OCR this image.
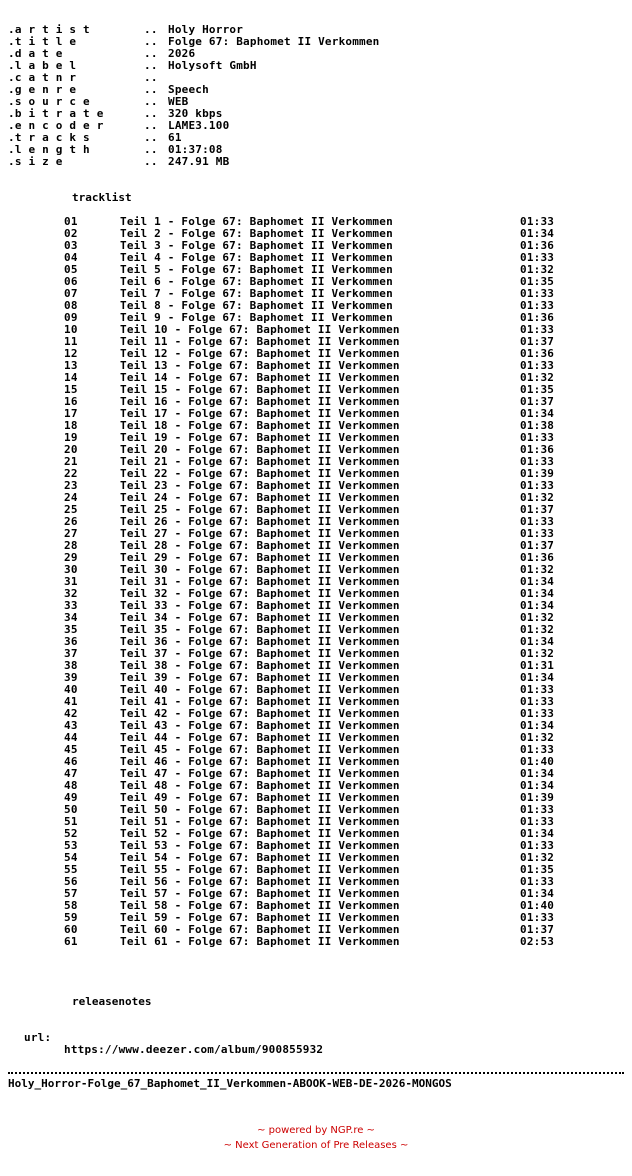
.a r t i s t	.. Holy Horror
.t i t l e	.. Folge 67: Baphomet II Verkommen
.d a t e	.. 2026
.l a b e l	.. Holysoft GmbH
.c a t n r	..
.g e n r e	.. Speech
.s o u r c e	.. WEB
.b i t r a t e	.. 320 kbps
.e n c o d e r	.. LAME3.100
.t r a c k s	.. 61
.l e n g t h	.. 01:37:08
.s i z e	.. 247.91 MB
tracklist
01	Teil 1 - Folge 67: Baphomet II Verkommen	01:33
02	Teil 2 - Folge 67: Baphomet II Verkommen	01:34
03	Teil 3 - Folge 67: Baphomet II Verkommen	01:36
04	Teil 4 - Folge 67: Baphomet II Verkommen	01:33
05	Teil 5 - Folge 67: Baphomet II Verkommen	01:32
06	Teil 6 - Folge 67: Baphomet II Verkommen	01:35
07	Teil 7 - Folge 67: Baphomet II Verkommen	01:33
08	Teil 8 - Folge 67: Baphomet II Verkommen	01:33
09	Teil 9 - Folge 67: Baphomet II Verkommen	01:36
10	Teil 10 - Folge 67: Baphomet II Verkommen	01:33
11	Teil 11 - Folge 67: Baphomet II Verkommen	01:37
12	Teil 12 - Folge 67: Baphomet II Verkommen	01:36
13	Teil 13 - Folge 67: Baphomet II Verkommen	01:33
14	Teil 14 - Folge 67: Baphomet II Verkommen	01:32
15	Teil 15 - Folge 67: Baphomet II Verkommen	01:35
16	Teil 16 - Folge 67: Baphomet II Verkommen	01:37
17	Teil 17 - Folge 67: Baphomet II Verkommen	01:34
18	Teil 18 - Folge 67: Baphomet II Verkommen	01:38
19	Teil 19 - Folge 67: Baphomet II Verkommen	01:33
20	Teil 20 - Folge 67: Baphomet II Verkommen	01:36
21	Teil 21 - Folge 67: Baphomet II Verkommen	01:33
22	Teil 22 - Folge 67: Baphomet II Verkommen	01:39
23	Teil 23 - Folge 67: Baphomet II Verkommen	01:33
24	Teil 24 - Folge 67: Baphomet II Verkommen	01:32
25	Teil 25 - Folge 67: Baphomet II Verkommen	01:37
26	Teil 26 - Folge 67: Baphomet II Verkommen	01:33
27	Teil 27 - Folge 67: Baphomet II Verkommen	01:33
28	Teil 28 - Folge 67: Baphomet II Verkommen	01:37
29	Teil 29 - Folge 67: Baphomet II Verkommen	01:36
30	Teil 30 - Folge 67: Baphomet II Verkommen	01:32
31	Teil 31 - Folge 67: Baphomet II Verkommen	01:34
32	Teil 32 - Folge 67: Baphomet II Verkommen	01:34
33	Teil 33 - Folge 67: Baphomet II Verkommen	01:34
34	Teil 34 - Folge 67: Baphomet II Verkommen	01:32
35	Teil 35 - Folge 67: Baphomet II Verkommen	01:32
36	Teil 36 - Folge 67: Baphomet II Verkommen	01:34
37	Teil 37 - Folge 67: Baphomet II Verkommen	01:32
38	Teil 38 - Folge 67: Baphomet II Verkommen	01:31
39	Teil 39 - Folge 67: Baphomet II Verkommen	01:34
40	Teil 40 - Folge 67: Baphomet II Verkommen	01:33
41	Teil 41 - Folge 67: Baphomet II Verkommen	01:33
42	Teil 42 - Folge 67: Baphomet II Verkommen	01:33
43	Teil 43 - Folge 67: Baphomet II Verkommen	01:34
44	Teil 44 - Folge 67: Baphomet II Verkommen	01:32
45	Teil 45 - Folge 67: Baphomet II Verkommen	01:33
46	Teil 46 - Folge 67: Baphomet II Verkommen	01:40
47	Teil 47 - Folge 67: Baphomet II Verkommen	01:34
48	Teil 48 - Folge 67: Baphomet II Verkommen	01:34
49	Teil 49 - Folge 67: Baphomet II Verkommen	01:39
50	Teil 50 - Folge 67: Baphomet II Verkommen	01:33
51	Teil 51 - Folge 67: Baphomet II Verkommen	01:33
52	Teil 52 - Folge 67: Baphomet II Verkommen	01:34
53	Teil 53 - Folge 67: Baphomet II Verkommen	01:33
54	Teil 54 - Folge 67: Baphomet II Verkommen	01:32
55	Teil 55 - Folge 67: Baphomet II Verkommen	01:35
56	Teil 56 - Folge 67: Baphomet II Verkommen	01:33
57	Teil 57 - Folge 67: Baphomet II Verkommen	01:34
58	Teil 58 - Folge 67: Baphomet II Verkommen	01:40
59	Teil 59 - Folge 67: Baphomet II Verkommen	01:33
60	Teil 60 - Folge 67: Baphomet II Verkommen	01:37
61	Teil 61 - Folge 67: Baphomet II Verkommen	02:53
releasenotes

url:

https://www.deezer.com/album/900855932

Holy_Horror-Folge_67_Baphomet_II_Verkommen-ABOOK-WEB-DE-2026-MONGOS
~ powered by NGP.re ~
~ Next Generation of Pre Releases ~
